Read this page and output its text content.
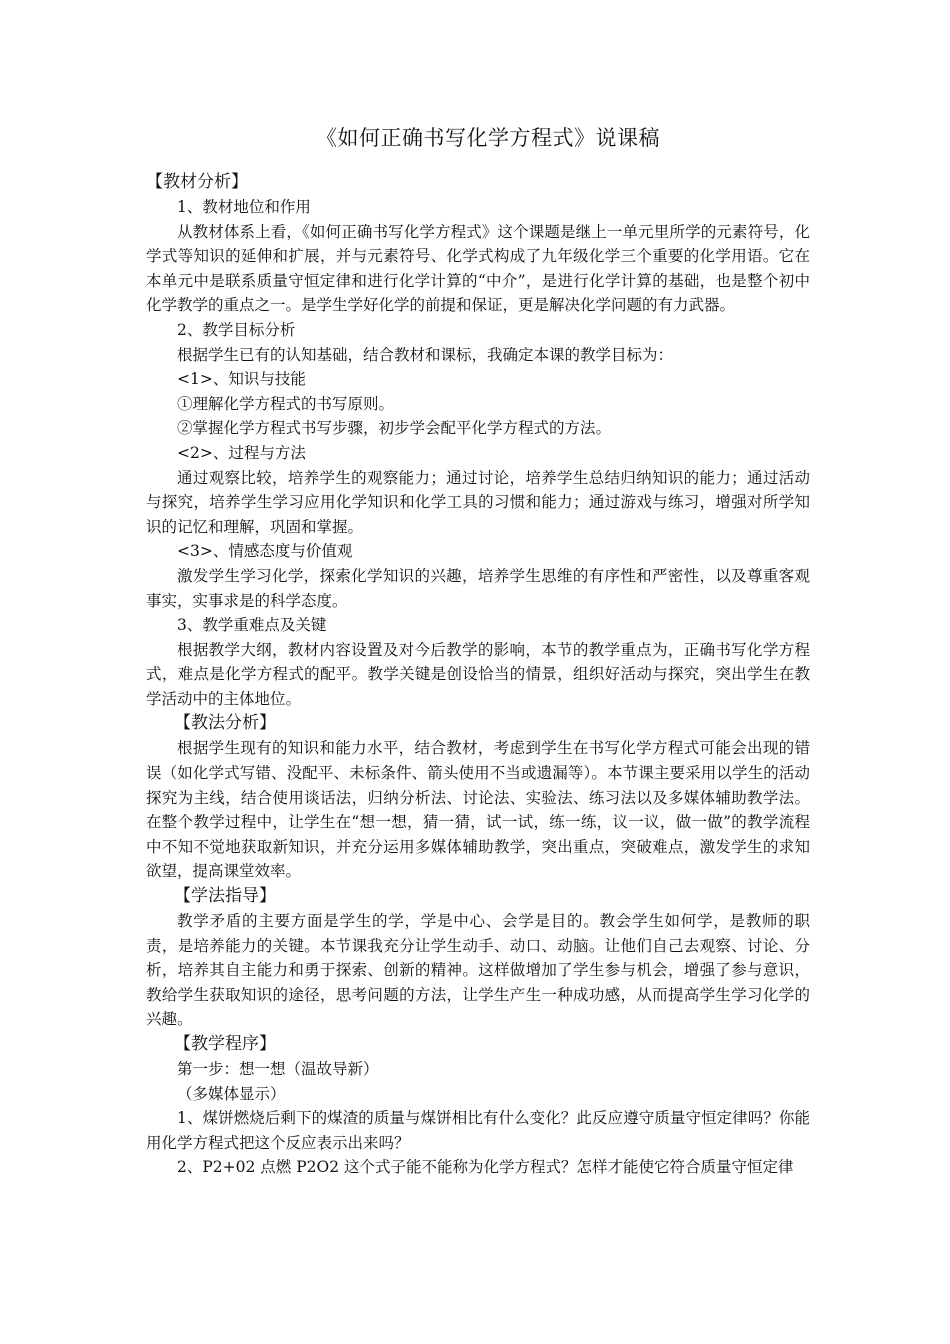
《如何正确书写化学方程式》说课稿

【教材分析】

1、教材地位和作用

从教材体系上看，《如何正确书写化学方程式》这个课题是继上一单元里所学的元素符号，化学式等知识的延伸和扩展，并与元素符号、化学式构成了九年级化学三个重要的化学用语。它在本单元中是联系质量守恒定律和进行化学计算的“中介”，是进行化学计算的基础，也是整个初中化学教学的重点之一。是学生学好化学的前提和保证，更是解决化学问题的有力武器。

2、教学目标分析

根据学生已有的认知基础，结合教材和课标，我确定本课的教学目标为：

<1>、知识与技能

①理解化学方程式的书写原则。

②掌握化学方程式书写步骤，初步学会配平化学方程式的方法。

<2>、过程与方法

通过观察比较，培养学生的观察能力；通过讨论，培养学生总结归纳知识的能力；通过活动与探究，培养学生学习应用化学知识和化学工具的习惯和能力；通过游戏与练习，增强对所学知识的记忆和理解，巩固和掌握。

<3>、情感态度与价值观

激发学生学习化学，探索化学知识的兴趣，培养学生思维的有序性和严密性，以及尊重客观事实，实事求是的科学态度。

3、教学重难点及关键

根据教学大纲，教材内容设置及对今后教学的影响，本节的教学重点为，正确书写化学方程式，难点是化学方程式的配平。教学关键是创设恰当的情景，组织好活动与探究，突出学生在教学活动中的主体地位。

【教法分析】

根据学生现有的知识和能力水平，结合教材，考虑到学生在书写化学方程式可能会出现的错误（如化学式写错、没配平、未标条件、箭头使用不当或遗漏等）。本节课主要采用以学生的活动探究为主线，结合使用谈话法，归纳分析法、讨论法、实验法、练习法以及多媒体辅助教学法。在整个教学过程中，让学生在“想一想，猜一猜，试一试，练一练，议一议，做一做”的教学流程中不知不觉地获取新知识，并充分运用多媒体辅助教学，突出重点，突破难点，激发学生的求知欲望，提高课堂效率。

【学法指导】

教学矛盾的主要方面是学生的学，学是中心、会学是目的。教会学生如何学，是教师的职责，是培养能力的关键。本节课我充分让学生动手、动口、动脑。让他们自己去观察、讨论、分析，培养其自主能力和勇于探索、创新的精神。这样做增加了学生参与机会，增强了参与意识，教给学生获取知识的途径，思考问题的方法，让学生产生一种成功感，从而提高学生学习化学的兴趣。

【教学程序】

第一步：想一想（温故导新）

（多媒体显示）

1、煤饼燃烧后剩下的煤渣的质量与煤饼相比有什么变化？此反应遵守质量守恒定律吗？你能用化学方程式把这个反应表示出来吗？

2、P2+02 点燃 P2O2 这个式子能不能称为化学方程式？怎样才能使它符合质量守恒定律
